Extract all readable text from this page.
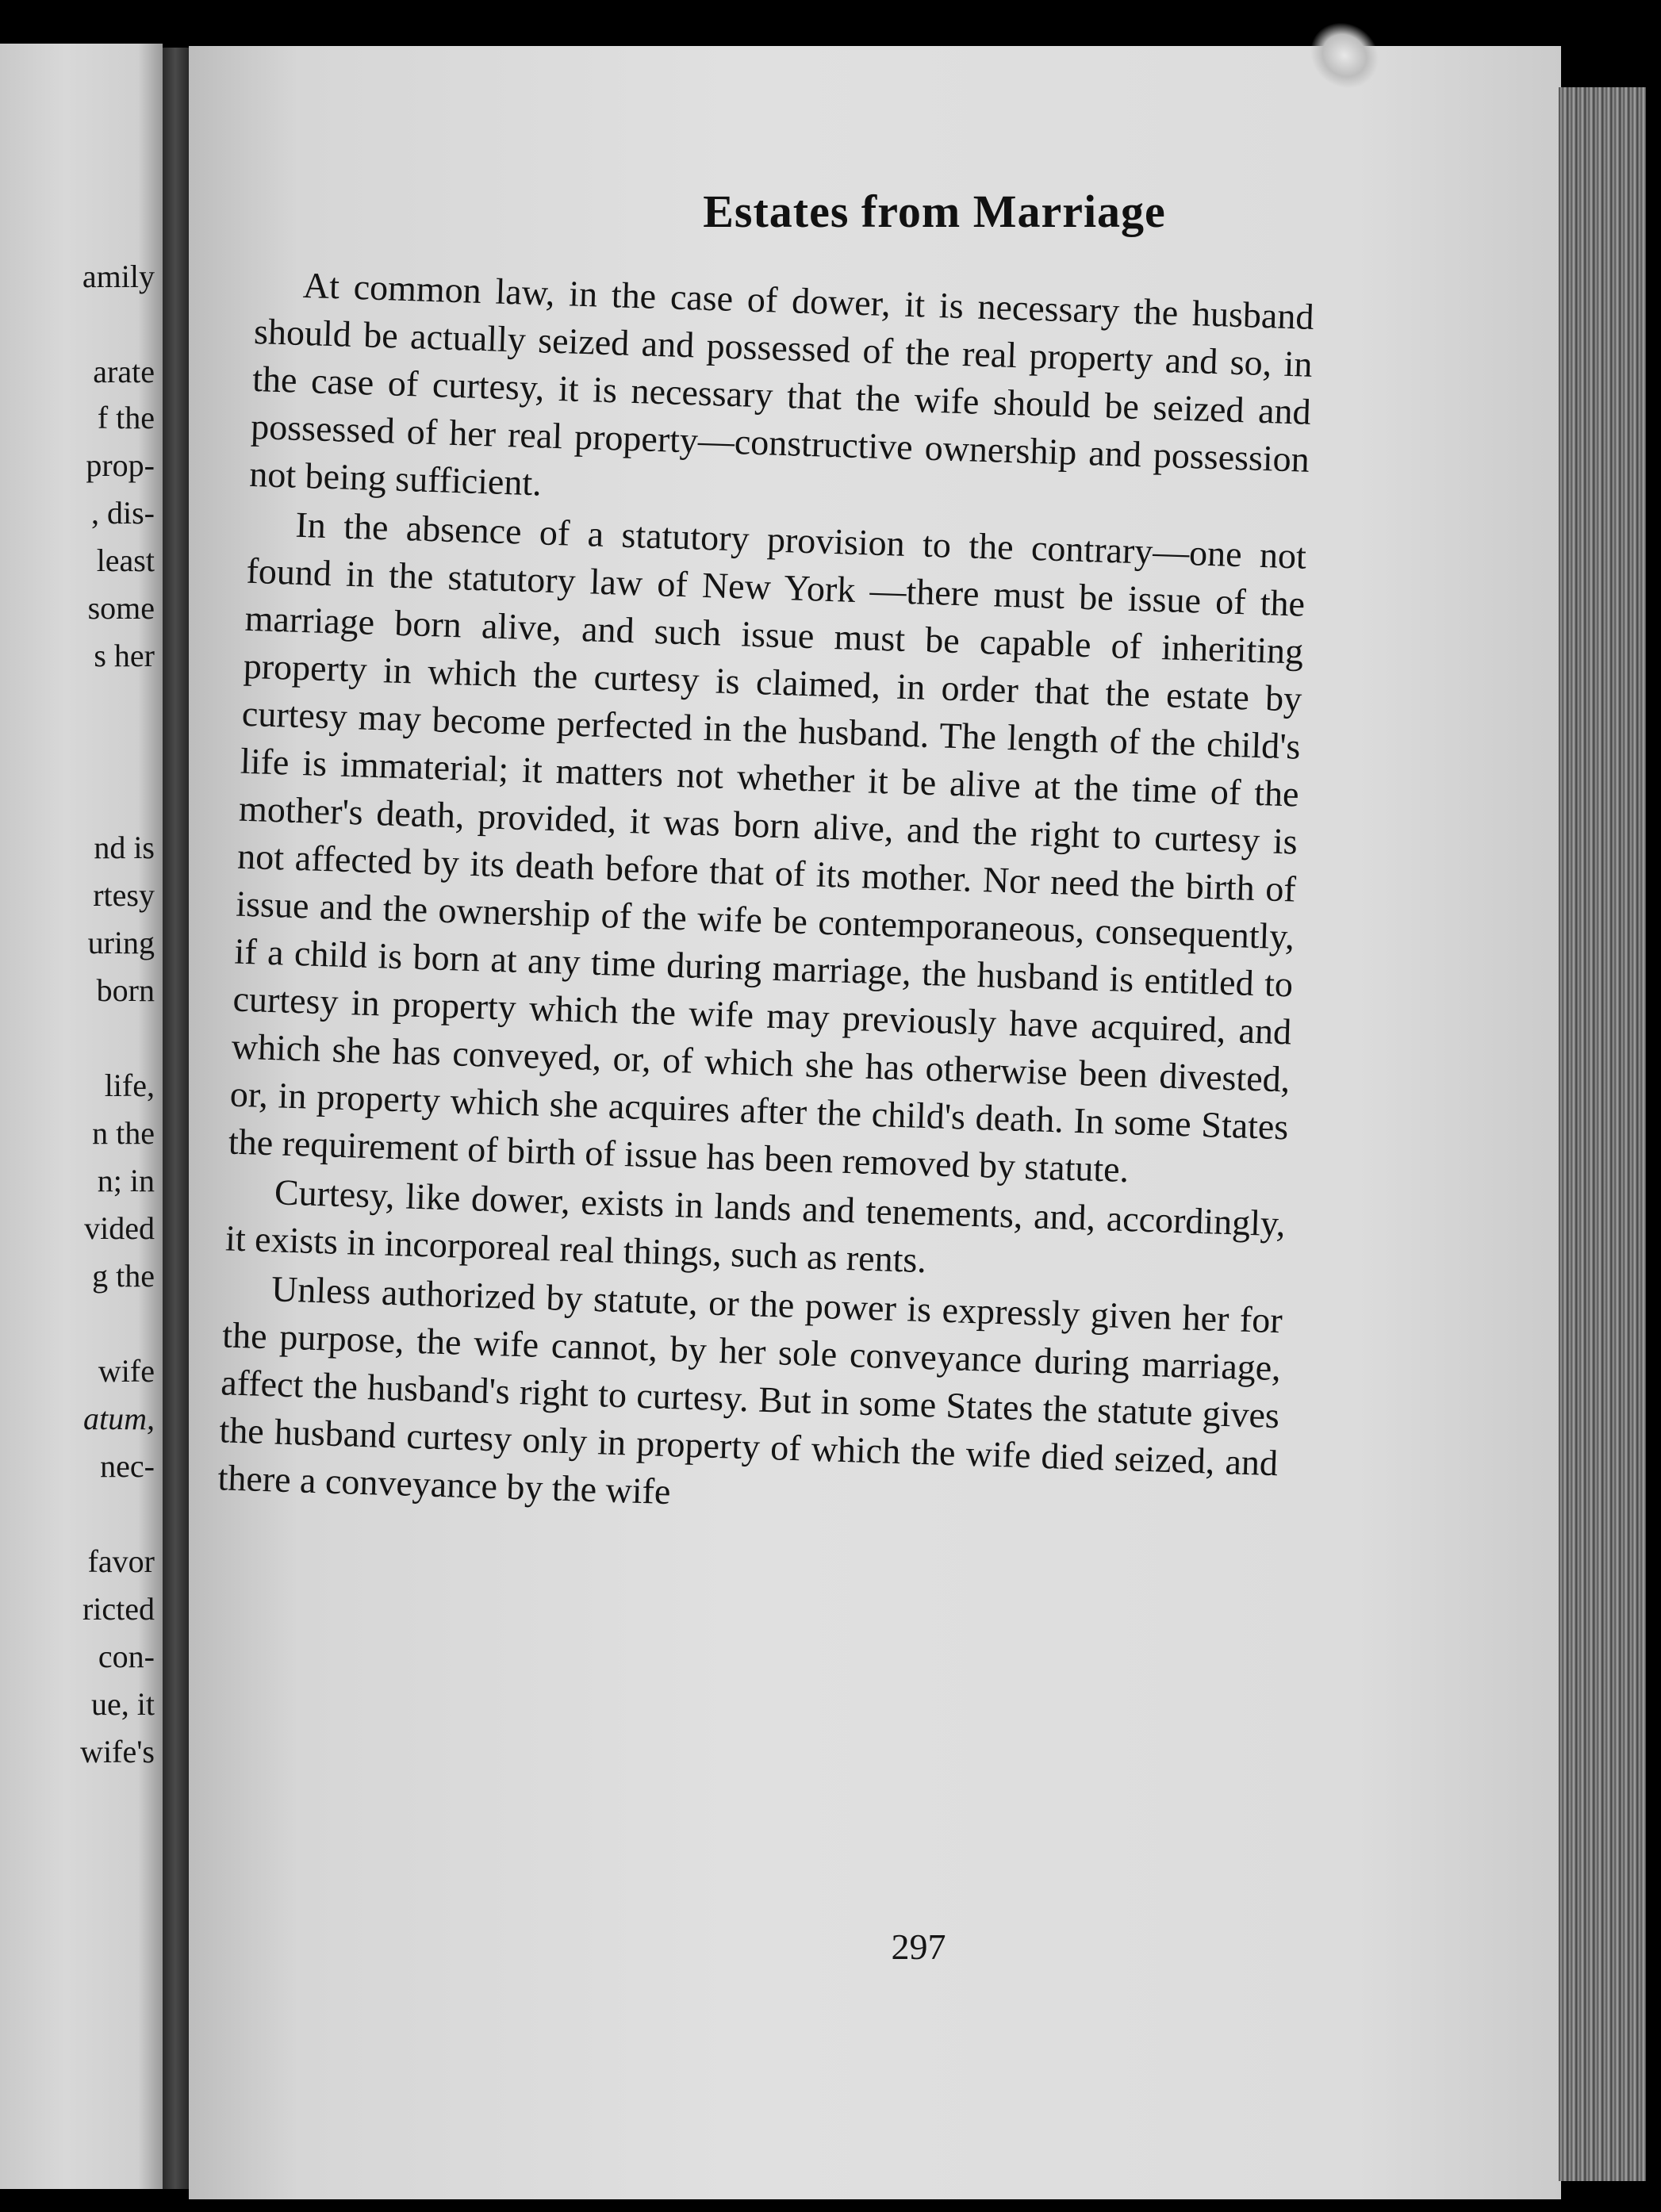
amily
arate
f the
prop-
, dis-
least
some
s her
nd is
rtesy
uring
born
life,
n the
n; in
vided
g the
wife
atum,
nec-
favor
ricted
con-
ue, it
wife's
Estates from Marriage

At common law, in the case of dower, it is necessary the husband should be actually seized and possessed of the real property and so, in the case of curtesy, it is necessary that the wife should be seized and possessed of her real property—constructive ownership and possession not being sufficient.

In the absence of a statutory provision to the contrary—one not found in the statutory law of New York —there must be issue of the marriage born alive, and such issue must be capable of inheriting property in which the curtesy is claimed, in order that the estate by curtesy may become perfected in the husband. The length of the child's life is immaterial; it matters not whether it be alive at the time of the mother's death, provided, it was born alive, and the right to curtesy is not affected by its death before that of its mother. Nor need the birth of issue and the ownership of the wife be contemporaneous, consequently, if a child is born at any time during marriage, the husband is entitled to curtesy in property which the wife may previously have acquired, and which she has conveyed, or, of which she has otherwise been divested, or, in property which she acquires after the child's death. In some States the requirement of birth of issue has been removed by statute.

Curtesy, like dower, exists in lands and tenements, and, accordingly, it exists in incorporeal real things, such as rents.

Unless authorized by statute, or the power is expressly given her for the purpose, the wife cannot, by her sole conveyance during marriage, affect the husband's right to curtesy. But in some States the statute gives the husband curtesy only in property of which the wife died seized, and there a conveyance by the wife

297
